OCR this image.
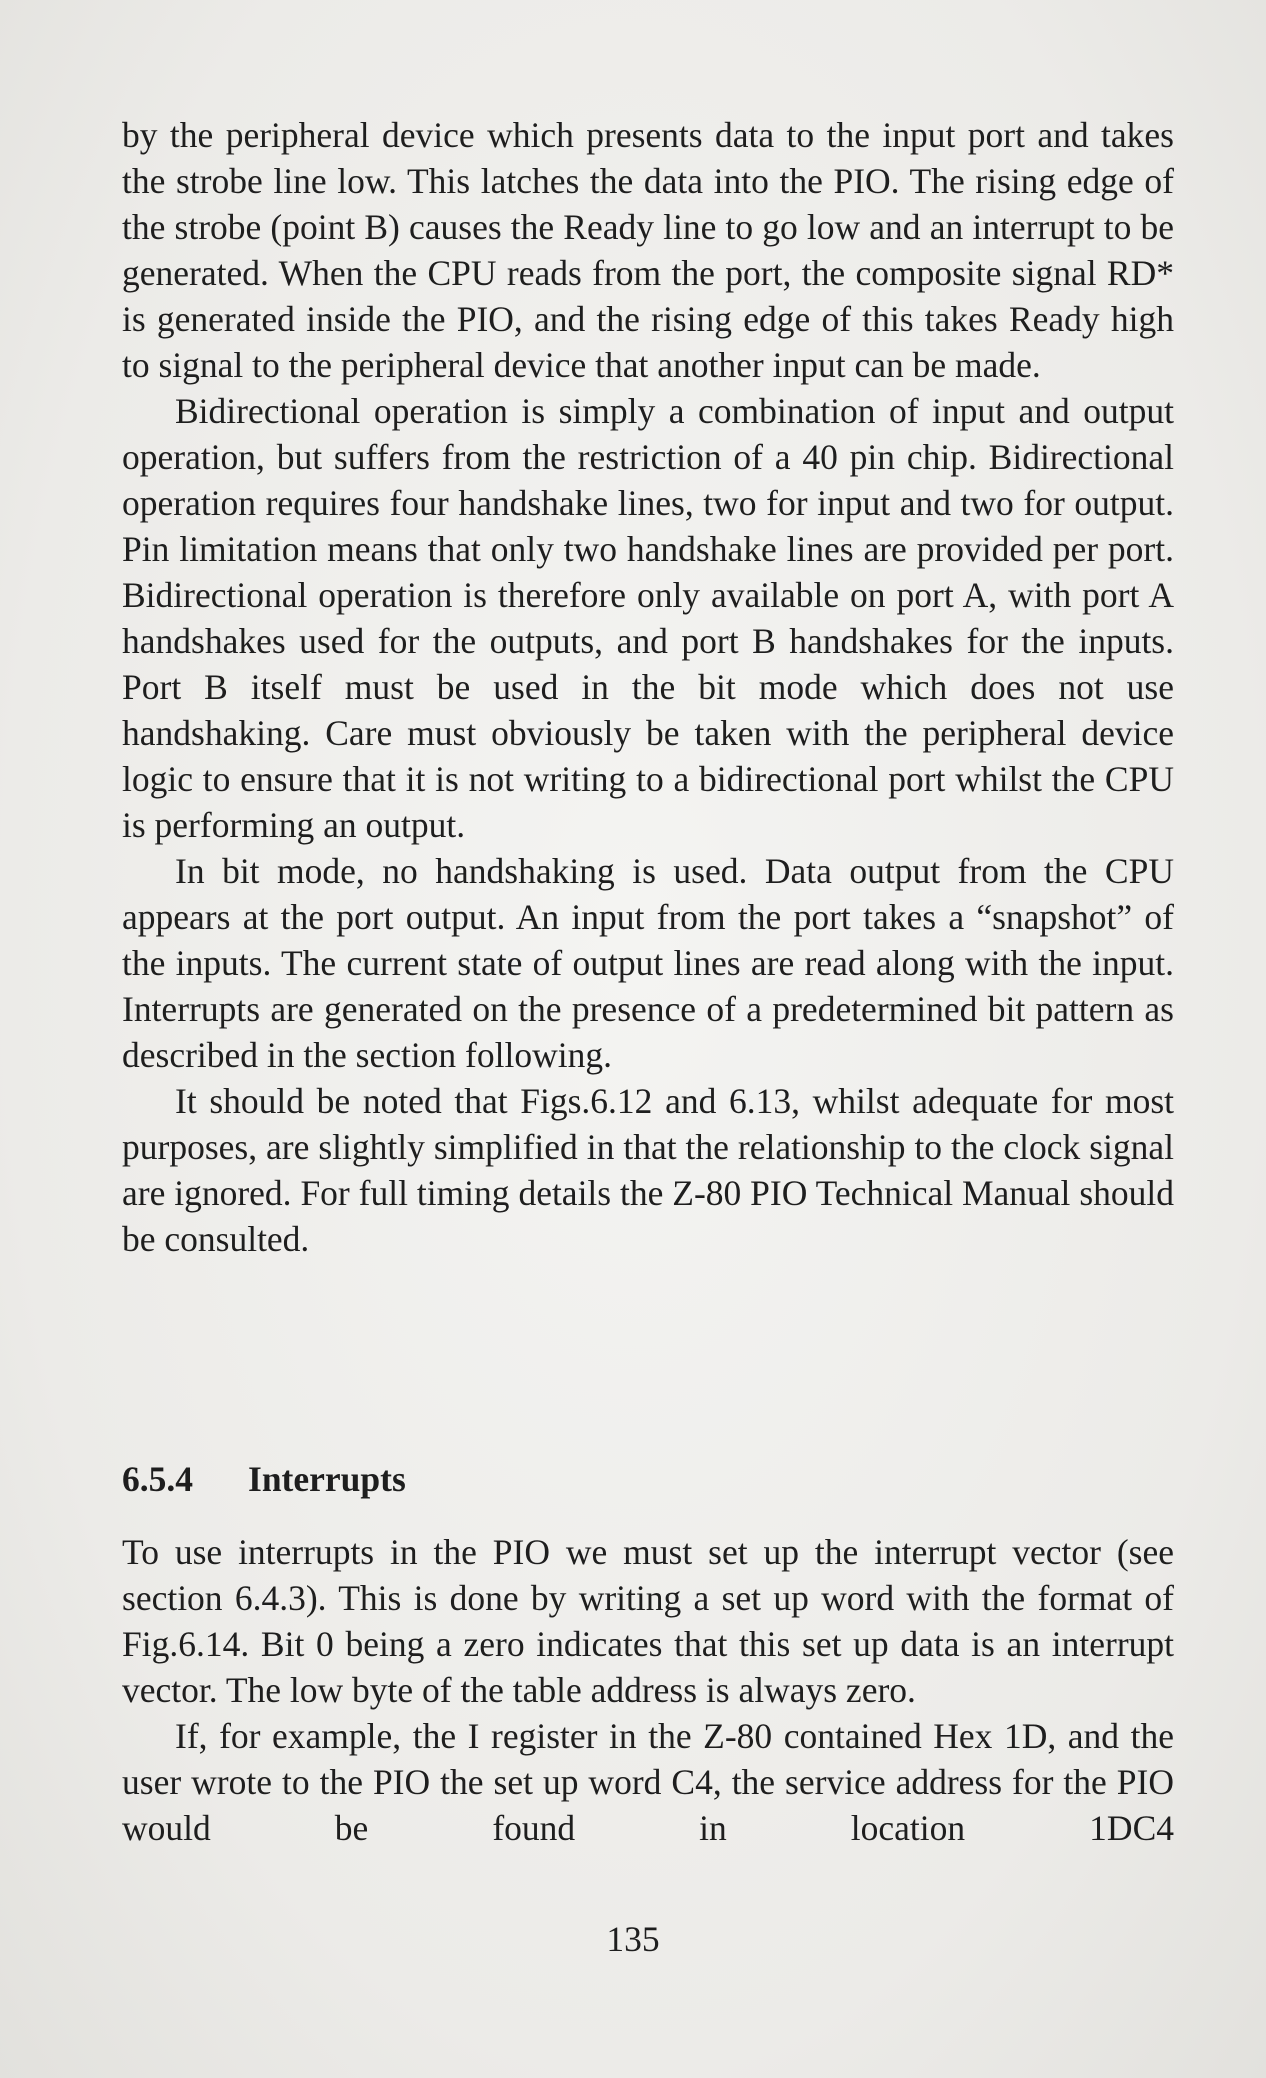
by the peripheral device which presents data to the input port and takes the strobe line low. This latches the data into the PIO. The rising edge of the strobe (point B) causes the Ready line to go low and an interrupt to be generated. When the CPU reads from the port, the composite signal RD* is generated inside the PIO, and the rising edge of this takes Ready high to signal to the peripheral device that another input can be made.

Bidirectional operation is simply a combination of input and output operation, but suffers from the restriction of a 40 pin chip. Bidirectional operation requires four handshake lines, two for input and two for output. Pin limitation means that only two handshake lines are provided per port. Bidirectional operation is therefore only available on port A, with port A handshakes used for the outputs, and port B handshakes for the inputs. Port B itself must be used in the bit mode which does not use handshaking. Care must obviously be taken with the peripheral device logic to ensure that it is not writing to a bidirectional port whilst the CPU is performing an output.

In bit mode, no handshaking is used. Data output from the CPU appears at the port output. An input from the port takes a “snapshot” of the inputs. The current state of output lines are read along with the input. Interrupts are generated on the presence of a predetermined bit pattern as described in the section following.

It should be noted that Figs.6.12 and 6.13, whilst adequate for most purposes, are slightly simplified in that the relationship to the clock signal are ignored. For full timing details the Z-80 PIO Technical Manual should be consulted.

6.5.4 Interrupts

To use interrupts in the PIO we must set up the interrupt vector (see section 6.4.3). This is done by writing a set up word with the format of Fig.6.14. Bit 0 being a zero indicates that this set up data is an interrupt vector. The low byte of the table address is always zero.

If, for example, the I register in the Z-80 contained Hex 1D, and the user wrote to the PIO the set up word C4, the service address for the PIO would be found in location 1DC4

135
